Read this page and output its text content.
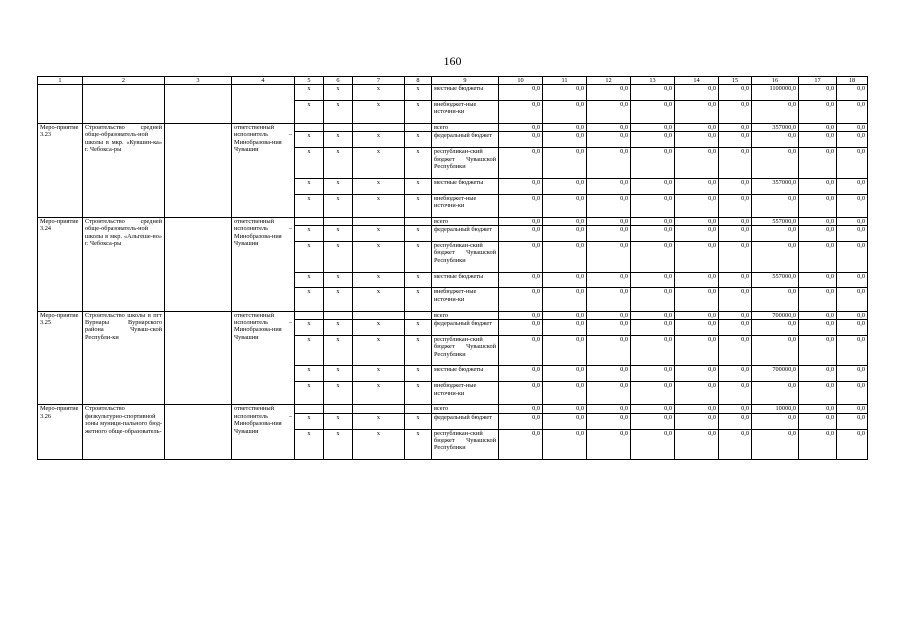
160
1	2	3	4	5	6	7	8	9	10	11	12	13	14	15	16	17	18
				x	x	x	x	местные бюджеты	0,0	0,0	0,0	0,0	0,0	0,0	1100000,0	0,0	0,0
				x	x	x	x	внебюджет-ные источни-ки	0,0	0,0	0,0	0,0	0,0	0,0	0,0	0,0	0,0
Меро-приятие 3.23	Строительство средней обще-образователь-ной школы в мкр. «Кувшин-ка» г. Чебокса-ры		ответственный исполнитель – Минобразова-ния Чувашии					всего	0,0	0,0	0,0	0,0	0,0	0,0	357000,0	0,0	0,0
				x	x	x	x	федеральный бюджет	0,0	0,0	0,0	0,0	0,0	0,0	0,0	0,0	0,0
				x	x	x	x	республикан-ский бюджет Чувашской Республики	0,0	0,0	0,0	0,0	0,0	0,0	0,0	0,0	0,0
				x	x	x	x	местные бюджеты	0,0	0,0	0,0	0,0	0,0	0,0	357000,0	0,0	0,0
				x	x	x	x	внебюджет-ные источни-ки	0,0	0,0	0,0	0,0	0,0	0,0	0,0	0,0	0,0
Меро-приятие 3.24	Строительство средней обще-образователь-ной школы в мкр. «Альгеше-во» г. Чебокса-ры		ответственный исполнитель – Минобразова-ния Чувашии					всего	0,0	0,0	0,0	0,0	0,0	0,0	557000,0	0,0	0,0
				x	x	x	x	федеральный бюджет	0,0	0,0	0,0	0,0	0,0	0,0	0,0	0,0	0,0
				x	x	x	x	республикан-ский бюджет Чувашской Республики	0,0	0,0	0,0	0,0	0,0	0,0	0,0	0,0	0,0
				x	x	x	x	местные бюджеты	0,0	0,0	0,0	0,0	0,0	0,0	557000,0	0,0	0,0
				x	x	x	x	внебюджет-ные источни-ки	0,0	0,0	0,0	0,0	0,0	0,0	0,0	0,0	0,0
Меро-приятие 3.25	Строительство школы в пгт Вурнары Вурнарского района Чуваш-ской Республи-ки		ответственный исполнитель – Минобразова-ния Чувашии					всего	0,0	0,0	0,0	0,0	0,0	0,0	700000,0	0,0	0,0
				x	x	x	x	федеральный бюджет	0,0	0,0	0,0	0,0	0,0	0,0	0,0	0,0	0,0
				x	x	x	x	республикан-ский бюджет Чувашской Республики	0,0	0,0	0,0	0,0	0,0	0,0	0,0	0,0	0,0
				x	x	x	x	местные бюджеты	0,0	0,0	0,0	0,0	0,0	0,0	700000,0	0,0	0,0
				x	x	x	x	внебюджет-ные источни-ки	0,0	0,0	0,0	0,0	0,0	0,0	0,0	0,0	0,0
Меро-приятие 3.26	Строительство физкультурно-спортивной зоны муници-пального бюд-жетного обще-образователь-		ответственный исполнитель – Минобразова-ния Чувашии					всего	0,0	0,0	0,0	0,0	0,0	0,0	10000,0	0,0	0,0
				x	x	x	x	федеральный бюджет	0,0	0,0	0,0	0,0	0,0	0,0	0,0	0,0	0,0
				x	x	x	x	республикан-ский бюджет Чувашской Республики	0,0	0,0	0,0	0,0	0,0	0,0	0,0	0,0	0,0
